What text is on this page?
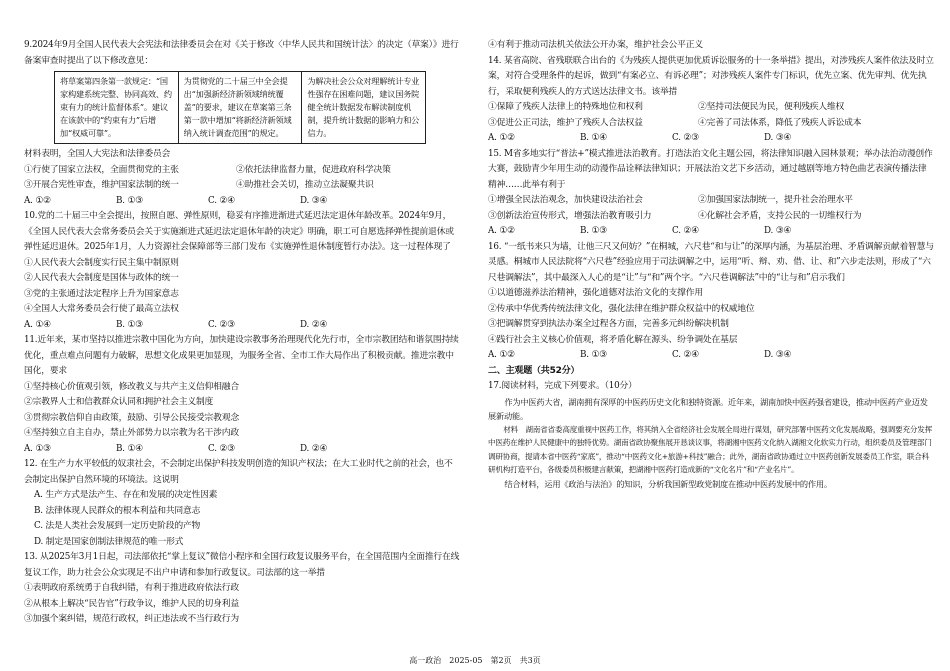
9.2024年9月全国人民代表大会宪法和法律委员会在对《关于修改〈中华人民共和国统计法〉的决定（草案）》进行备案审查时提出了以下修改意见：

将草案第四条第一款规定：“国家构建系统完整、协同高效、约束有力的统计监督体系”。建议在该款中的“约束有力”后增加“权威可靠”。
为贯彻党的二十届三中全会提出“加强新经济新领域纳统覆盖”的要求，建议在草案第三条第一款中增加“将新经济新领域纳入统计调查范围”的规定。
为解决社会公众对理解统计专业性强存在困难问题，建议国务院健全统计数据发布解读制度机制，提升统计数据的影响力和公信力。

材料表明，全国人大宪法和法律委员会

①行使了国家立法权，全面贯彻党的主张	②依托法律监督力量，促进政府科学决策
③开展合宪性审查，维护国家法制的统一	④助推社会关切，推动立法凝聚共识
A. ①②	B. ①③	C. ②④	D. ③④

10.党的二十届三中全会提出，按照自愿、弹性原则，稳妥有序推进渐进式延迟法定退休年龄改革。2024年9月，《全国人民代表大会常务委员会关于实施渐进式延迟法定退休年龄的决定》明确，职工可自愿选择弹性提前退休或弹性延迟退休。2025年1月，人力资源社会保障部等三部门发布《实施弹性退休制度暂行办法》。这一过程体现了

①人民代表大会制度实行民主集中制原则

②人民代表大会制度是国体与政体的统一

③党的主张通过法定程序上升为国家意志

④全国人大常务委员会行使了最高立法权

A. ①④	B. ①③	C. ②③	D. ②④

11.近年来，某市坚持以推进宗教中国化为方向，加快建设宗教事务治理现代化先行市，全市宗教团结和谐氛围持续优化，重点难点问题有力破解，思想文化成果更加显现，为服务全省、全市工作大局作出了积极贡献。推进宗教中国化，要求

①坚持核心价值观引领，修改教义与共产主义信仰相融合

②宗教界人士和信教群众认同和拥护社会主义制度

③贯彻宗教信仰自由政策，鼓励、引导公民接受宗教观念

④坚持独立自主自办，禁止外部势力以宗教为名干涉内政

A. ①③	B. ①④	C. ②③	D. ②④

12. 在生产力水平较低的奴隶社会，不会制定出保护科技发明创造的知识产权法；在大工业时代之前的社会，也不会制定出保护自然环境的环境法。这说明

A. 生产方式是法产生、存在和发展的决定性因素

B. 法律体现人民群众的根本利益和共同意志

C. 法是人类社会发展到一定历史阶段的产物

D. 制定是国家创制法律规范的唯一形式

13. 从2025年3月1日起，司法部依托“掌上复议”微信小程序和全国行政复议服务平台，在全国范围内全面推行在线复议工作，助力社会公众实现足不出户申请和参加行政复议。司法部的这一举措

①表明政府系统勇于自我纠错，有利于推进政府依法行政

②从根本上解决“民告官”行政争议，维护人民的切身利益

③加强个案纠错，规范行政权，纠正违法或不当行政行为

④有利于推动司法机关依法公开办案，维护社会公平正义

14. 某省高院、省残联联合出台的《为残疾人提供更加优质诉讼服务的十一条举措》提出，对涉残疾人案件依法及时立案，对符合受理条件的起诉，做到“有案必立、有诉必理”；对涉残疾人案件专门标识，优先立案、优先审判、优先执行，采取便利残疾人的方式送达法律文书。该举措

①保障了残疾人法律上的特殊地位和权利	②坚持司法便民为民，便利残疾人维权
③促进公正司法，维护了残疾人合法权益	④完善了司法体系，降低了残疾人诉讼成本
A. ①②	B. ①④	C. ②③	D. ③④

15. M省多地实行“普法+”模式推进法治教育。打造法治文化主题公园，将法律知识融入园林景观；举办法治动漫创作大赛，鼓励青少年用生动的动漫作品诠释法律知识；开展法治文艺下乡活动，通过越剧等地方特色曲艺表演传播法律精神……此举有利于

①增强全民法治观念，加快建设法治社会	②加强国家法制统一，提升社会治理水平
③创新法治宣传形式，增强法治教育吸引力	④化解社会矛盾，支持公民的一切维权行为
A. ①②	B. ①③	C. ②④	D. ③④

16. “一纸书来只为墙，让他三尺又何妨？”在桐城，六尺巷“和与让”的深厚内涵，为基层治理、矛盾调解贡献着智慧与灵感。桐城市人民法院将“六尺巷”经验应用于司法调解之中，运用“听、辩、劝、借、让、和”六步走法则，形成了“六尺巷调解法”，其中最深入人心的是“让”与“和”两个字。“六尺巷调解法”中的“让与和”启示我们

①以道德滋养法治精神，强化道德对法治文化的支撑作用

②传承中华优秀传统法律文化，强化法律在维护群众权益中的权威地位

③把调解贯穿到执法办案全过程各方面，完善多元纠纷解决机制

④践行社会主义核心价值观，将矛盾化解在源头、纷争调处在基层

A. ①②	B. ①③	C. ②④	D. ③④

二、主观题（共52分）

17.阅读材料，完成下列要求。（10分）

作为中医药大省，湖南拥有深厚的中医药历史文化和独特资源。近年来，湖南加快中医药强省建设，推动中医药产业迈发展新动能。

材料　湖南省省委高度重视中医药工作，将其纳入全省经济社会发展全局进行谋划，研究部署中医药文化发展战略，强调要充分发挥中医药在维护人民健康中的独特优势。湖南省政协聚焦展开恳谈议事，将湖湘中医药文化纳入湖湘文化软实力行动，组织委员及管理部门调研协商，提请本省中医药“家底”，推动“中医药文化+旅游+科技”融合；此外，湖南省政协通过立中医药创新发展委员工作室，联合科研机构打造平台，各级委员积极建言献策，把湖湘中医药打造成新的“文化名片”和“产业名片”。

结合材料，运用《政治与法治》的知识，分析我国新型政党制度在推动中医药发展中的作用。

高一政治　2025-05　第2页　共3页
